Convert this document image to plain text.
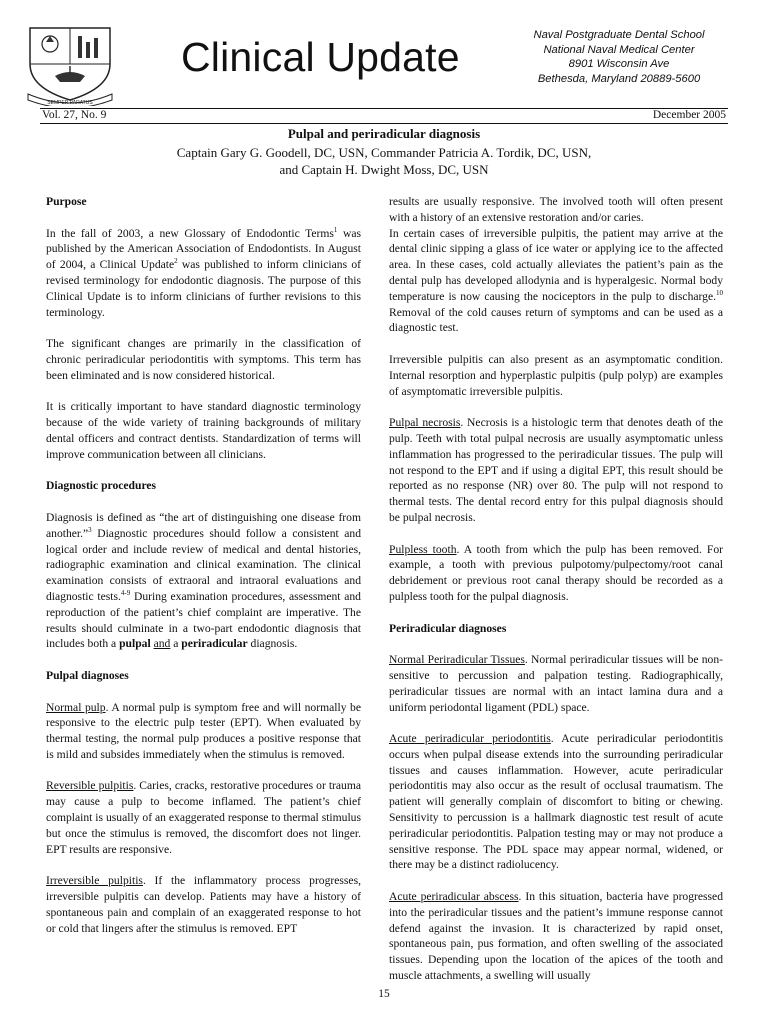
SEMPER PARATUS
Clinical Update	Naval Postgraduate Dental School
National Naval Medical Center
8901 Wisconsin Ave
Bethesda, Maryland 20889-5600
Vol. 27, No. 9	December 2005
Pulpal and periradicular diagnosis
Captain Gary G. Goodell, DC, USN, Commander Patricia A. Tordik, DC, USN,
and Captain H. Dwight Moss, DC, USN
Purpose

In the fall of 2003, a new Glossary of Endodontic Terms$^1$ was published by the American Association of Endodontists. In August of 2004, a Clinical Update$^2$ was published to inform clinicians of revised terminology for endodontic diagnosis. The purpose of this Clinical Update is to inform clinicians of further revisions to this terminology.

The significant changes are primarily in the classification of chronic periradicular periodontitis with symptoms. This term has been eliminated and is now considered historical.

It is critically important to have standard diagnostic terminology because of the wide variety of training backgrounds of military dental officers and contract dentists. Standardization of terms will improve communication between all clinicians.

Diagnostic procedures

Diagnosis is defined as “the art of distinguishing one disease from another.”$^3$ Diagnostic procedures should follow a consistent and logical order and include review of medical and dental histories, radiographic examination and clinical examination. The clinical examination consists of extraoral and intraoral evaluations and diagnostic tests.$^{4-9}$ During examination procedures, assessment and reproduction of the patient’s chief complaint are imperative. The results should culminate in a two-part endodontic diagnosis that includes both a pulpal and a periradicular diagnosis.

Pulpal diagnoses

Normal pulp. A normal pulp is symptom free and will normally be responsive to the electric pulp tester (EPT). When evaluated by thermal testing, the normal pulp produces a positive response that is mild and subsides immediately when the stimulus is removed.

Reversible pulpitis. Caries, cracks, restorative procedures or trauma may cause a pulp to become inflamed. The patient’s chief complaint is usually of an exaggerated response to thermal stimulus but once the stimulus is removed, the discomfort does not linger. EPT results are responsive.

Irreversible pulpitis. If the inflammatory process progresses, irreversible pulpitis can develop. Patients may have a history of spontaneous pain and complain of an exaggerated response to hot or cold that lingers after the stimulus is removed. EPT

results are usually responsive. The involved tooth will often present with a history of an extensive restoration and/or caries.

In certain cases of irreversible pulpitis, the patient may arrive at the dental clinic sipping a glass of ice water or applying ice to the affected area. In these cases, cold actually alleviates the patient’s pain as the dental pulp has developed allodynia and is hyperalgesic. Normal body temperature is now causing the nociceptors in the pulp to discharge.$^{10}$ Removal of the cold causes return of symptoms and can be used as a diagnostic test.

Irreversible pulpitis can also present as an asymptomatic condition. Internal resorption and hyperplastic pulpitis (pulp polyp) are examples of asymptomatic irreversible pulpitis.

Pulpal necrosis. Necrosis is a histologic term that denotes death of the pulp. Teeth with total pulpal necrosis are usually asymptomatic unless inflammation has progressed to the periradicular tissues. The pulp will not respond to the EPT and if using a digital EPT, this result should be reported as no response (NR) over 80. The pulp will not respond to thermal tests. The dental record entry for this pulpal diagnosis should be pulpal necrosis.

Pulpless tooth. A tooth from which the pulp has been removed. For example, a tooth with previous pulpotomy/pulpectomy/root canal debridement or previous root canal therapy should be recorded as a pulpless tooth for the pulpal diagnosis.

Periradicular diagnoses

Normal Periradicular Tissues. Normal periradicular tissues will be non-sensitive to percussion and palpation testing. Radiographically, periradicular tissues are normal with an intact lamina dura and a uniform periodontal ligament (PDL) space.

Acute periradicular periodontitis. Acute periradicular periodontitis occurs when pulpal disease extends into the surrounding periradicular tissues and causes inflammation. However, acute periradicular periodontitis may also occur as the result of occlusal traumatism. The patient will generally complain of discomfort to biting or chewing. Sensitivity to percussion is a hallmark diagnostic test result of acute periradicular periodontitis. Palpation testing may or may not produce a sensitive response. The PDL space may appear normal, widened, or there may be a distinct radiolucency.

Acute periradicular abscess. In this situation, bacteria have progressed into the periradicular tissues and the patient’s immune response cannot defend against the invasion. It is characterized by rapid onset, spontaneous pain, pus formation, and often swelling of the associated tissues. Depending upon the location of the apices of the tooth and muscle attachments, a swelling will usually

15
